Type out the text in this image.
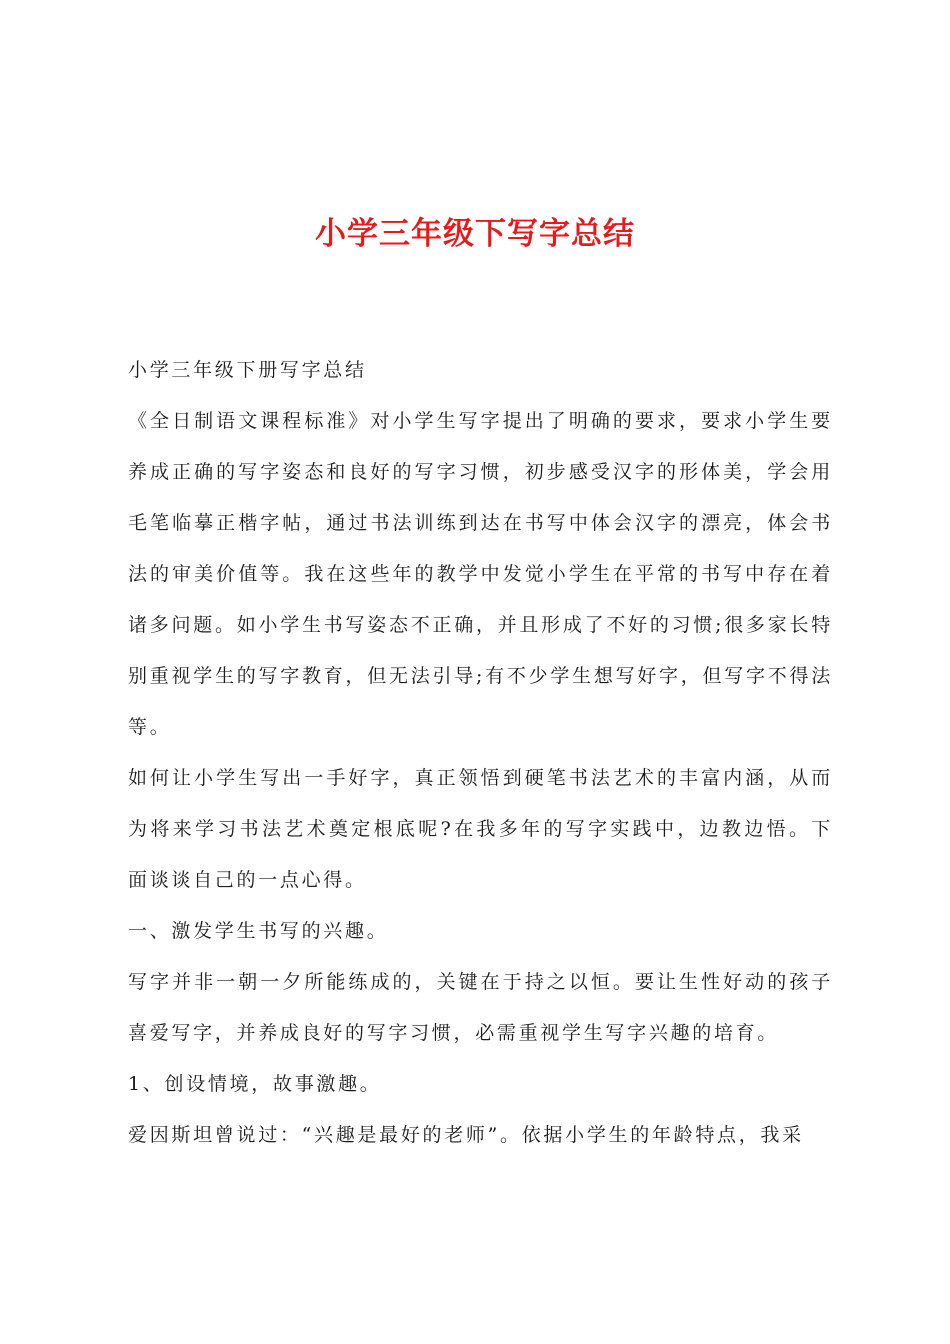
小学三年级下写字总结

小学三年级下册写字总结

《全日制语文课程标准》对小学生写字提出了明确的要求，要求小学生要养成正确的写字姿态和良好的写字习惯，初步感受汉字的形体美，学会用毛笔临摹正楷字帖，通过书法训练到达在书写中体会汉字的漂亮，体会书法的审美价值等。我在这些年的教学中发觉小学生在平常的书写中存在着诸多问题。如小学生书写姿态不正确，并且形成了不好的习惯;很多家长特别重视学生的写字教育，但无法引导;有不少学生想写好字，但写字不得法等。

如何让小学生写出一手好字，真正领悟到硬笔书法艺术的丰富内涵，从而为将来学习书法艺术奠定根底呢?在我多年的写字实践中，边教边悟。下面谈谈自己的一点心得。

一、激发学生书写的兴趣。

写字并非一朝一夕所能练成的，关键在于持之以恒。要让生性好动的孩子喜爱写字，并养成良好的写字习惯，必需重视学生写字兴趣的培育。

1、创设情境，故事激趣。

爱因斯坦曾说过：“兴趣是最好的老师”。依据小学生的年龄特点，我采
